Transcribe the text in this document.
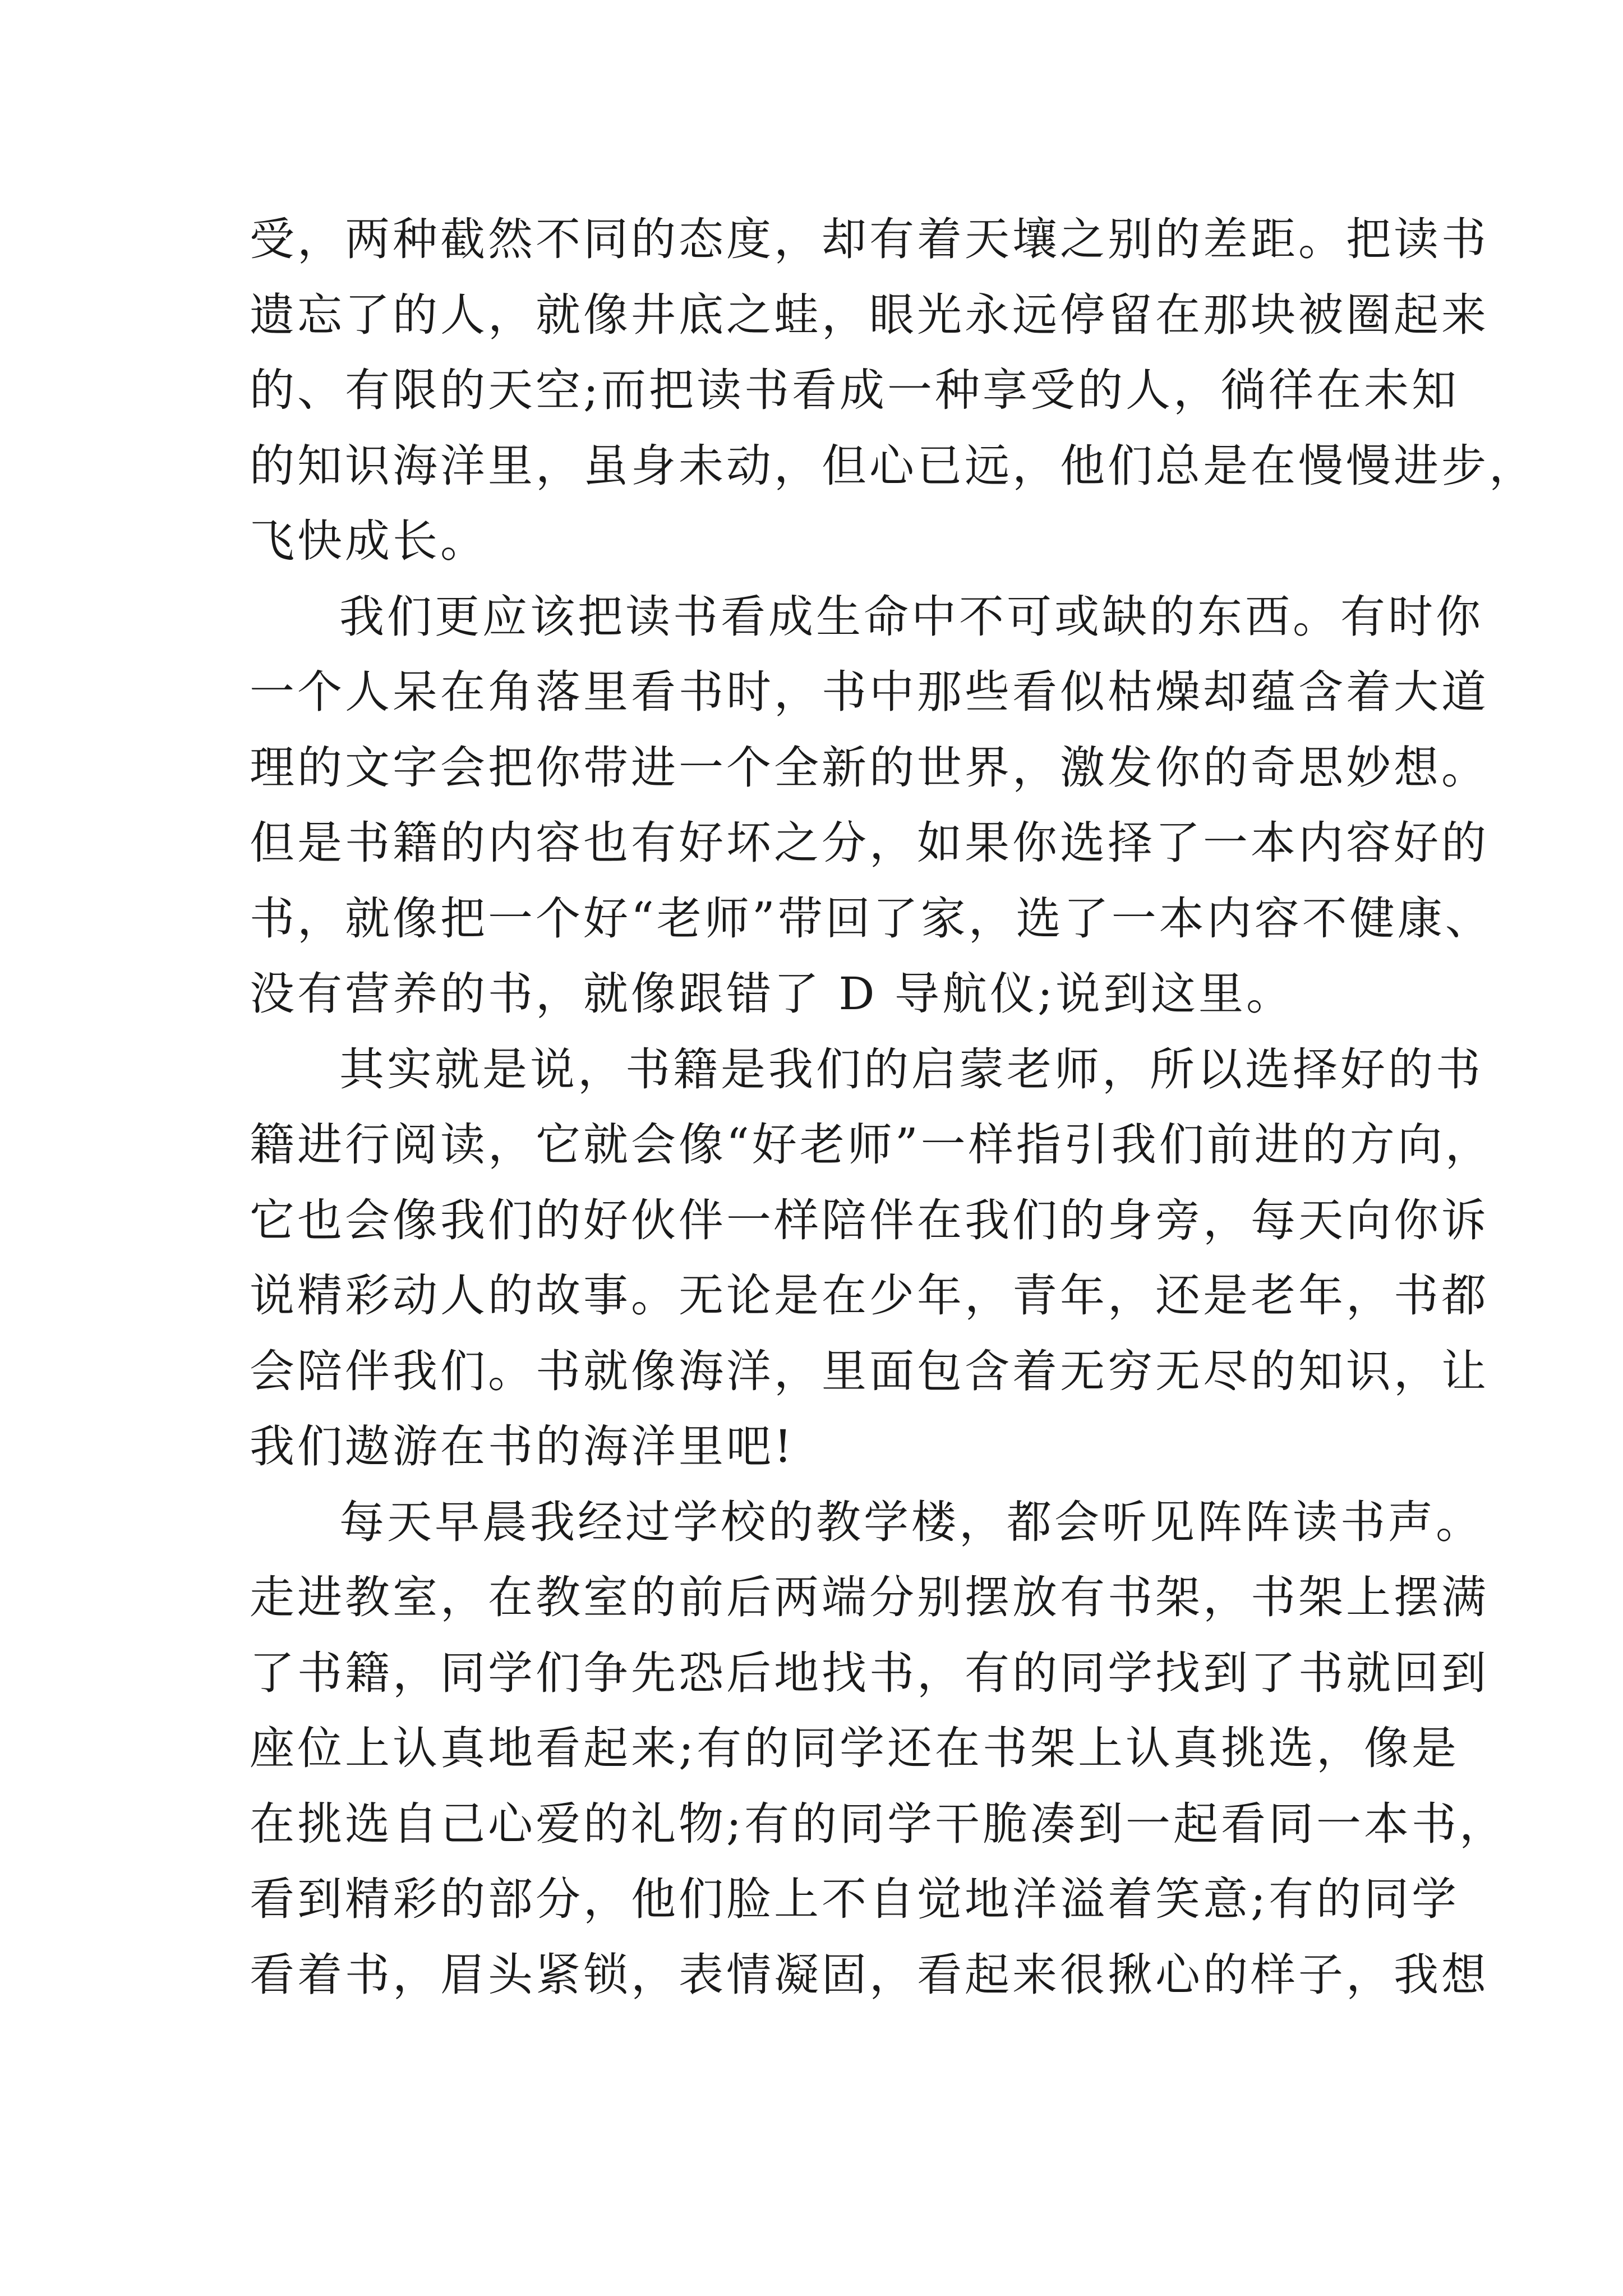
受，两种截然不同的态度，却有着天壤之别的差距。把读书
遗忘了的人，就像井底之蛙，眼光永远停留在那块被圈起来
的、有限的天空;而把读书看成一种享受的人，徜徉在未知
的知识海洋里，虽身未动，但心已远，他们总是在慢慢进步，
飞快成长。
我们更应该把读书看成生命中不可或缺的东西。有时你
一个人呆在角落里看书时，书中那些看似枯燥却蕴含着大道
理的文字会把你带进一个全新的世界，激发你的奇思妙想。
但是书籍的内容也有好坏之分，如果你选择了一本内容好的
书，就像把一个好“老师”带回了家，选了一本内容不健康、
没有营养的书，就像跟错了 D 导航仪;说到这里。
其实就是说，书籍是我们的启蒙老师，所以选择好的书
籍进行阅读，它就会像“好老师”一样指引我们前进的方向，
它也会像我们的好伙伴一样陪伴在我们的身旁，每天向你诉
说精彩动人的故事。无论是在少年，青年，还是老年，书都
会陪伴我们。书就像海洋，里面包含着无穷无尽的知识，让
我们遨游在书的海洋里吧!
每天早晨我经过学校的教学楼，都会听见阵阵读书声。
走进教室，在教室的前后两端分别摆放有书架，书架上摆满
了书籍，同学们争先恐后地找书，有的同学找到了书就回到
座位上认真地看起来;有的同学还在书架上认真挑选，像是
在挑选自己心爱的礼物;有的同学干脆凑到一起看同一本书，
看到精彩的部分，他们脸上不自觉地洋溢着笑意;有的同学
看着书，眉头紧锁，表情凝固，看起来很揪心的样子，我想
